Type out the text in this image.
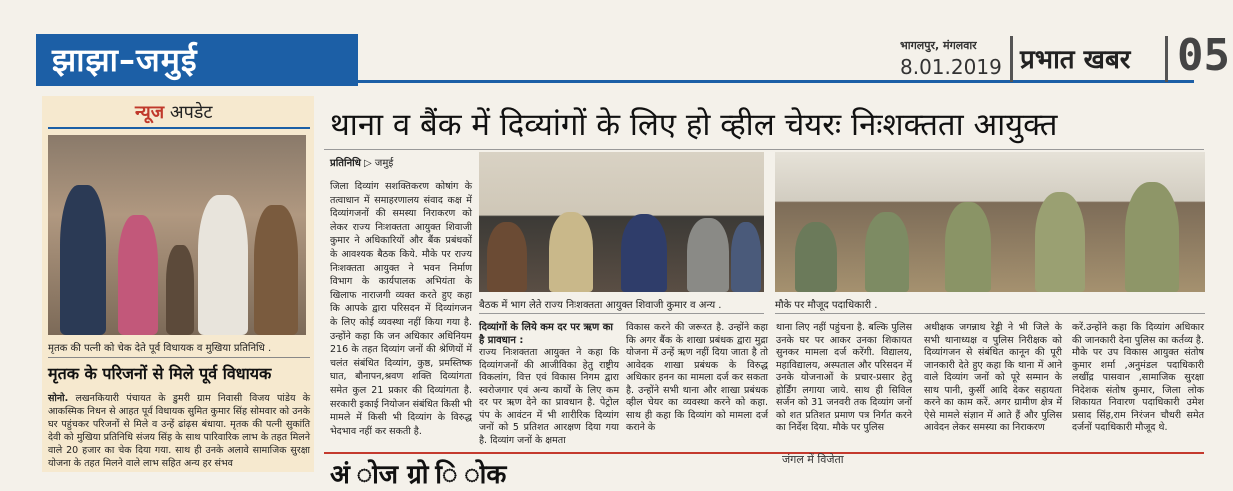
झाझा–जमुई	भागलपुर, मंगलवार
8.01.2019 प्रभात खबर 05
न्यूज अपडेट
मृतक की पत्नी को चेक देते पूर्व विधायक व मुखिया प्रतिनिधि .
मृतक के परिजनों से मिले पूर्व विधायक
सोनो. लखनकियारी पंचायत के डुमरी ग्राम निवासी विजय पांडेय के आकस्मिक निधन से आहत पूर्व विधायक सुमित कुमार सिंह सोमवार को उनके घर पहुंचकर परिजनों से मिले व उन्हें ढांढ़स बंधाया. मृतक की पत्नी सुकांति देवी को मुखिया प्रतिनिधि संजय सिंह के साथ पारिवारिक लाभ के तहत मिलने वाले 20 हजार का चेक दिया गया. साथ ही उनके अलावे सामाजिक सुरक्षा योजना के तहत मिलने वाले लाभ सहित अन्य हर संभव
थाना व बैंक में दिव्यांगों के लिए हो व्हील चेयरः निःशक्तता आयुक्त
प्रतिनिधि ▷ जमुई
जिला दिव्यांग सशक्तिकरण कोषांग के तत्वाधान में समाहरणालय संवाद कक्ष में दिव्यांगजनों की समस्या निराकरण को लेकर राज्य निःशक्तता आयुक्त शिवाजी कुमार ने अधिकारियों और बैंक प्रबंधकों के आवश्यक बैठक किये. मौके पर राज्य निःशक्तता आयुक्त ने भवन निर्माण विभाग के कार्यपालक अभियंता के खिलाफ नाराजगी व्यक्त करते हुए कहा कि आपके द्वारा परिसदन में दिव्यांगजन के लिए कोई व्यवस्था नहीं किया गया है. उन्होंने कहा कि जन अधिकार अधिनियम 216 के तहत दिव्यांग जनों की श्रेणियों में चलंत संबंधित दिव्यांग, कुष्ठ, प्रमस्तिष्क घात, बौनापन,श्रवण शक्ति दिव्यांगता समेत कुल 21 प्रकार की दिव्यांगता है. सरकारी इकाई नियोजन संबंधित किसी भी मामले में किसी भी दिव्यांग के विरुद्ध भेदभाव नहीं कर सकती है.
बैठक में भाग लेते राज्य निःशक्तता आयुक्त शिवाजी कुमार व अन्य .	मौके पर मौजूद पदाधिकारी .
दिव्यांगों के लिये कम दर पर ऋण का है प्रावधान :
राज्य निःशक्तता आयुक्त ने कहा कि दिव्यांगजनों की आजीविका हेतु राष्ट्रीय विकलांग, वित्त एवं विकास निगम द्वारा स्वरोजगार एवं अन्य कार्यों के लिए कम दर पर ऋण देने का प्रावधान है. पेट्रोल पंप के आवंटन में भी शारीरिक दिव्यांग जनों को 5 प्रतिशत आरक्षण दिया गया है. दिव्यांग जनों के क्षमता
विकास करने की जरूरत है. उन्होंने कहा कि अगर बैंक के शाखा प्रबंधक द्वारा मुद्रा योजना में उन्हें ऋण नहीं दिया जाता है तो आवेदक शाखा प्रबंधक के विरुद्ध अधिकार हनन का मामला दर्ज कर सकता है. उन्होंने सभी थाना और शाखा प्रबंधक व्हील चेयर का व्यवस्था करने को कहा. साथ ही कहा कि दिव्यांग को मामला दर्ज कराने के
थाना लिए नहीं पहुंचना है. बल्कि पुलिस उनके घर पर आकर उनका शिकायत सुनकर मामला दर्ज करेंगी. विद्यालय, महाविद्यालय, अस्पताल और परिसदन में उनके योजनाओं के प्रचार-प्रसार हेतु होर्डिंग लगाया जाये. साथ ही सिविल सर्जन को 31 जनवरी तक दिव्यांग जनों को शत प्रतिशत प्रमाण पत्र निर्गत करने का निर्देश दिया. मौके पर पुलिस
अधीक्षक जगन्नाथ रेड्डी ने भी जिले के सभी थानाध्यक्ष व पुलिस निरीक्षक को दिव्यांगजन से संबंधित कानून की पूरी जानकारी देते हुए कहा कि थाना में आने वाले दिव्यांग जनों को पूरे सम्मान के साथ पानी, कुर्सी आदि देकर सहायता करने का काम करें. अगर ग्रामीण क्षेत्र में ऐसे मामले संज्ञान में आते हैं और पुलिस आवेदन लेकर समस्या का निराकरण
करें.उन्होंने कहा कि दिव्यांग अधिकार की जानकारी देना पुलिस का कर्तव्य है. मौके पर उप विकास आयुक्त संतोष कुमार शर्मा ,अनुमंडल पदाधिकारी लखींद्र पासवान ,सामाजिक सुरक्षा निदेशक संतोष कुमार, जिला लोक शिकायत निवारण पदाधिकारी उमेश प्रसाद सिंह,राम निरंजन चौधरी समेत दर्जनों पदाधिकारी मौजूद थे.
अं ोज ग्रो ि ोक
जंगल में विजेता
